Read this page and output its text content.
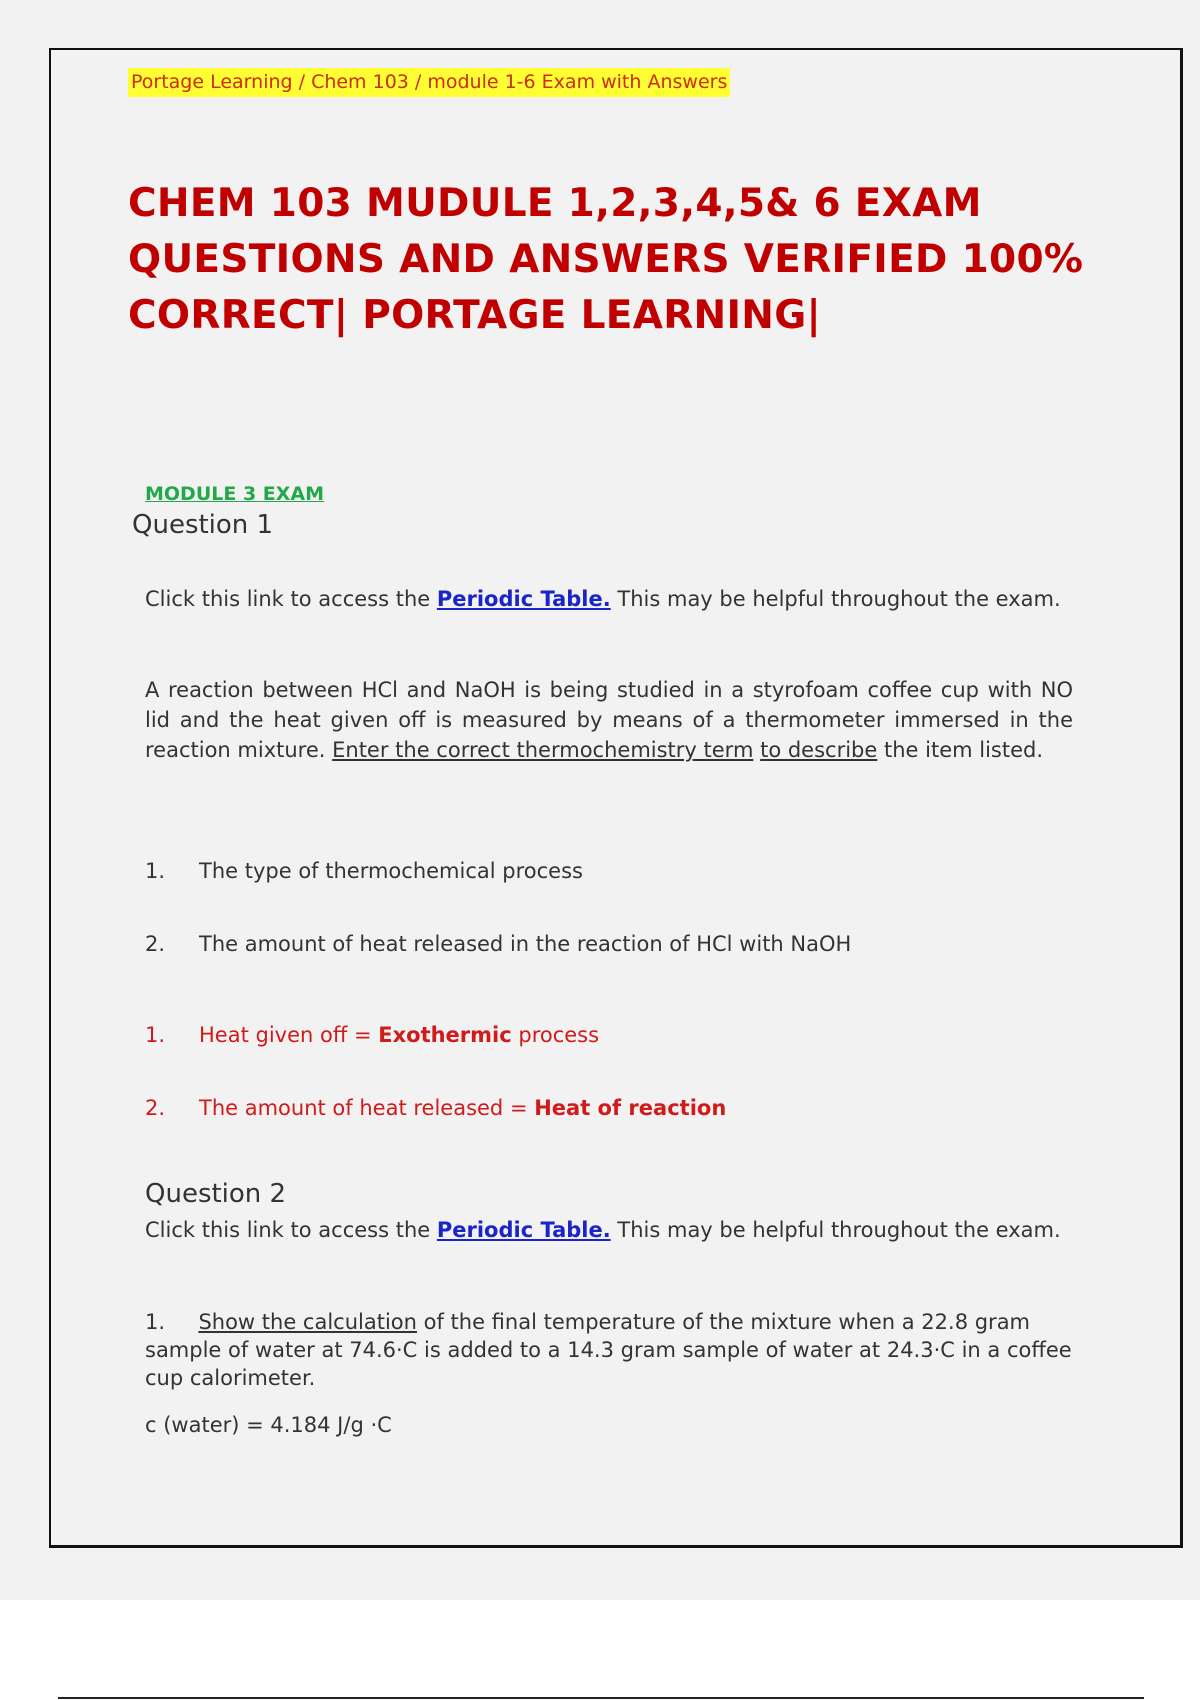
Portage Learning / Chem 103 / module 1-6 Exam with Answers
CHEM 103 MUDULE 1,2,3,4,5& 6 EXAM
QUESTIONS AND ANSWERS VERIFIED 100%
CORRECT| PORTAGE LEARNING|
MODULE 3 EXAM
Question 1
Click this link to access the Periodic Table. This may be helpful throughout the exam.
A reaction between HCl and NaOH is being studied in a styrofoam coffee cup with NO lid and the heat given off is measured by means of a thermometer immersed in the reaction mixture. Enter the correct thermochemistry term to describe the item listed.
1. The type of thermochemical process
2. The amount of heat released in the reaction of HCl with NaOH
1. Heat given off = Exothermic process
2. The amount of heat released = Heat of reaction
Question 2
Click this link to access the Periodic Table. This may be helpful throughout the exam.
1. Show the calculation of the final temperature of the mixture when a 22.8 gram sample of water at 74.6·C is added to a 14.3 gram sample of water at 24.3·C in a coffee cup calorimeter.
c (water) = 4.184 J/g ·C
